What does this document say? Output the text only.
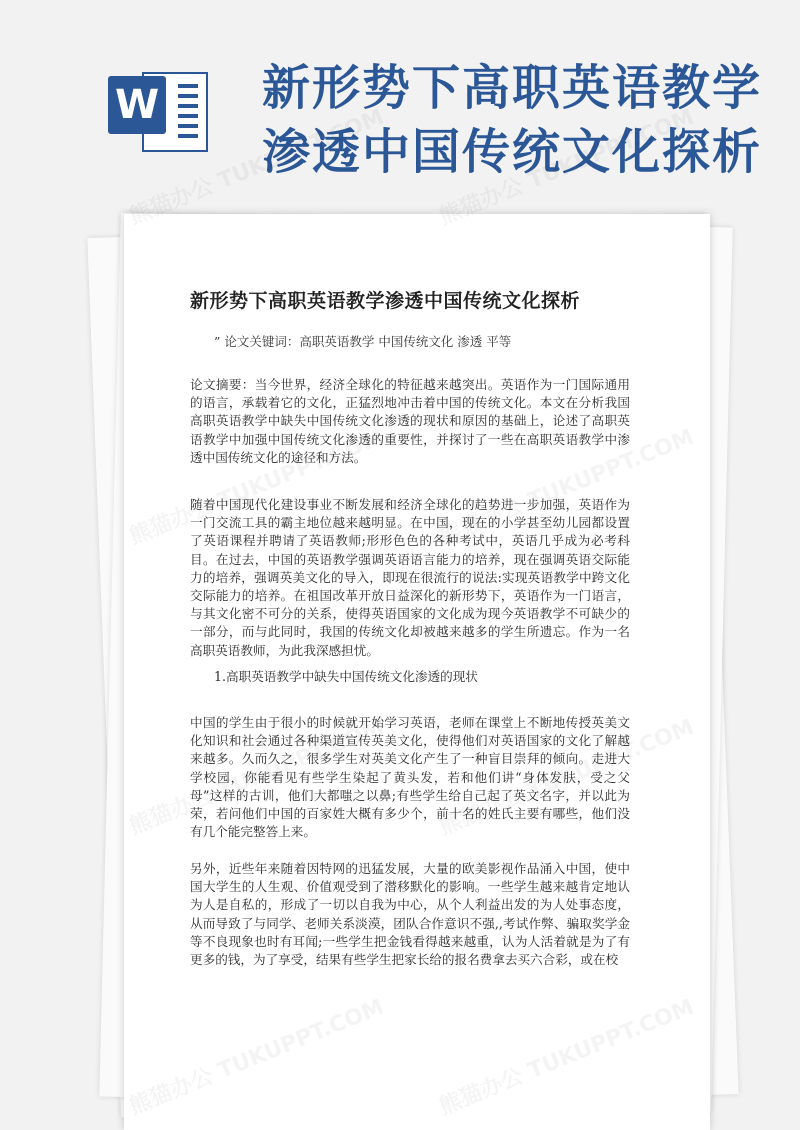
W 新形势下高职英语教学
渗透中国传统文化探析
新形势下高职英语教学渗透中国传统文化探析
” 论文关键词：高职英语教学 中国传统文化 渗透 平等
论文摘要：当今世界，经济全球化的特征越来越突出。英语作为一门国际通用的语言，承载着它的文化，正猛烈地冲击着中国的传统文化。本文在分析我国高职英语教学中缺失中国传统文化渗透的现状和原因的基础上，论述了高职英语教学中加强中国传统文化渗透的重要性，并探讨了一些在高职英语教学中渗透中国传统文化的途径和方法。
随着中国现代化建设事业不断发展和经济全球化的趋势进一步加强，英语作为一门交流工具的霸主地位越来越明显。在中国，现在的小学甚至幼儿园都设置了英语课程并聘请了英语教师;形形色色的各种考试中，英语几乎成为必考科目。在过去，中国的英语教学强调英语语言能力的培养，现在强调英语交际能力的培养，强调英美文化的导入，即现在很流行的说法:实现英语教学中跨文化交际能力的培养。在祖国改革开放日益深化的新形势下，英语作为一门语言，与其文化密不可分的关系，使得英语国家的文化成为现今英语教学不可缺少的一部分，而与此同时，我国的传统文化却被越来越多的学生所遗忘。作为一名高职英语教师，为此我深感担忧。
1.高职英语教学中缺失中国传统文化渗透的现状
中国的学生由于很小的时候就开始学习英语，老师在课堂上不断地传授英美文化知识和社会通过各种渠道宣传英美文化，使得他们对英语国家的文化了解越来越多。久而久之，很多学生对英美文化产生了一种盲目崇拜的倾向。走进大学校园，你能看见有些学生染起了黄头发，若和他们讲“身体发肤，受之父母”这样的古训，他们大都嗤之以鼻;有些学生给自己起了英文名字，并以此为荣，若问他们中国的百家姓大概有多少个，前十名的姓氏主要有哪些，他们没有几个能完整答上来。
另外，近些年来随着因特网的迅猛发展，大量的欧美影视作品涌入中国，使中国大学生的人生观、价值观受到了潜移默化的影响。一些学生越来越肯定地认为人是自私的，形成了一切以自我为中心，从个人利益出发的为人处事态度，从而导致了与同学、老师关系淡漠，团队合作意识不强,,考试作弊、骗取奖学金等不良现象也时有耳闻;一些学生把金钱看得越来越重，认为人活着就是为了有更多的钱，为了享受，结果有些学生把家长给的报名费拿去买六合彩，或在校
